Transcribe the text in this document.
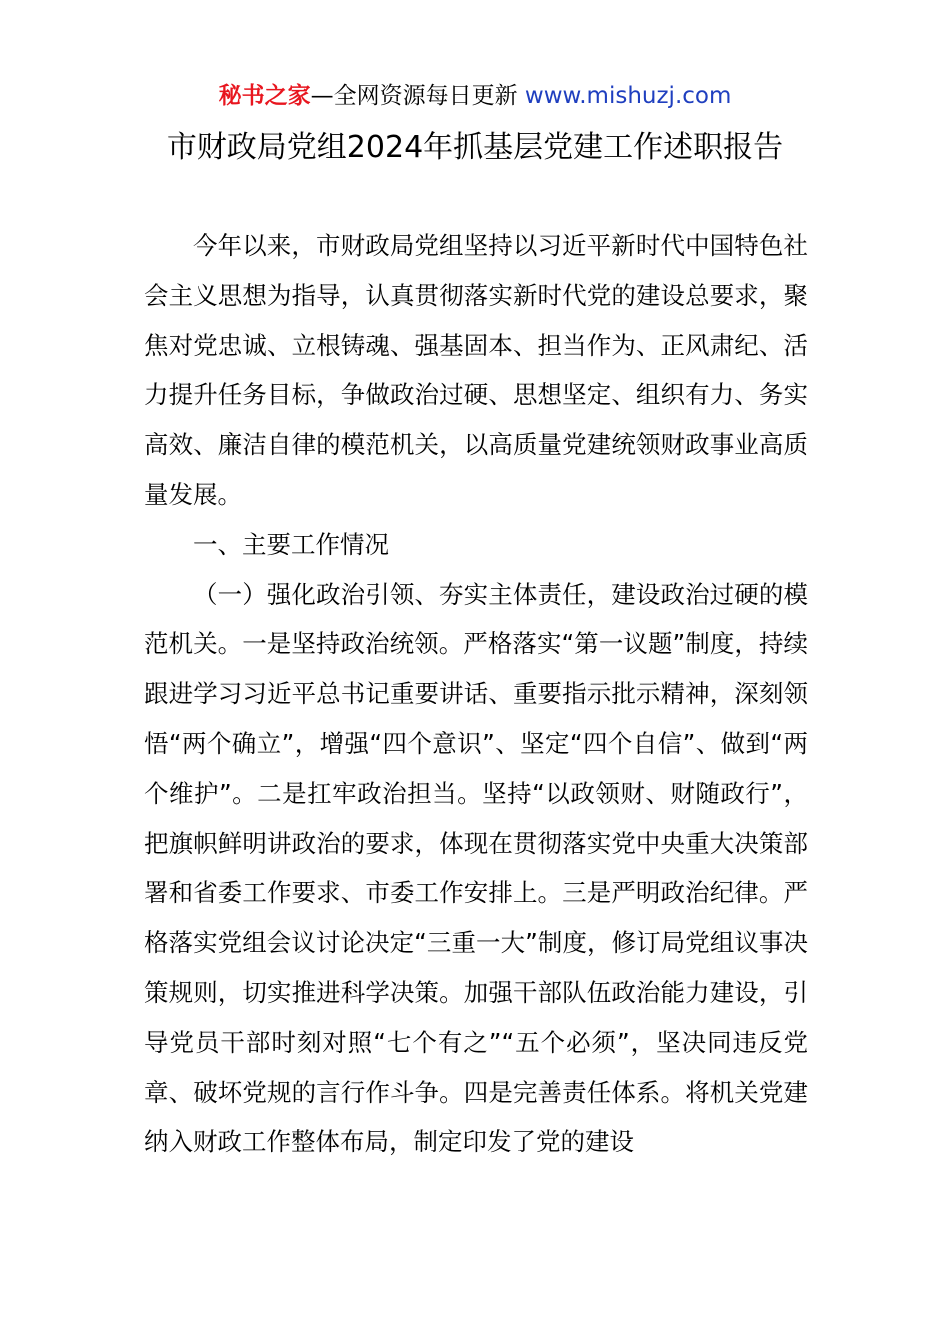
秘书之家—全网资源每日更新 www.mishuzj.com
市财政局党组2024年抓基层党建工作述职报告

今年以来，市财政局党组坚持以习近平新时代中国特色社会主义思想为指导，认真贯彻落实新时代党的建设总要求，聚焦对党忠诚、立根铸魂、强基固本、担当作为、正风肃纪、活力提升任务目标，争做政治过硬、思想坚定、组织有力、务实高效、廉洁自律的模范机关，以高质量党建统领财政事业高质量发展。

一、主要工作情况

（一）强化政治引领、夯实主体责任，建设政治过硬的模范机关。一是坚持政治统领。严格落实“第一议题”制度，持续跟进学习习近平总书记重要讲话、重要指示批示精神，深刻领悟“两个确立”，增强“四个意识”、坚定“四个自信”、做到“两个维护”。二是扛牢政治担当。坚持“以政领财、财随政行”，把旗帜鲜明讲政治的要求，体现在贯彻落实党中央重大决策部署和省委工作要求、市委工作安排上。三是严明政治纪律。严格落实党组会议讨论决定“三重一大”制度，修订局党组议事决策规则，切实推进科学决策。加强干部队伍政治能力建设，引导党员干部时刻对照“七个有之”“五个必须”，坚决同违反党章、破坏党规的言行作斗争。四是完善责任体系。将机关党建纳入财政工作整体布局，制定印发了党的建设
